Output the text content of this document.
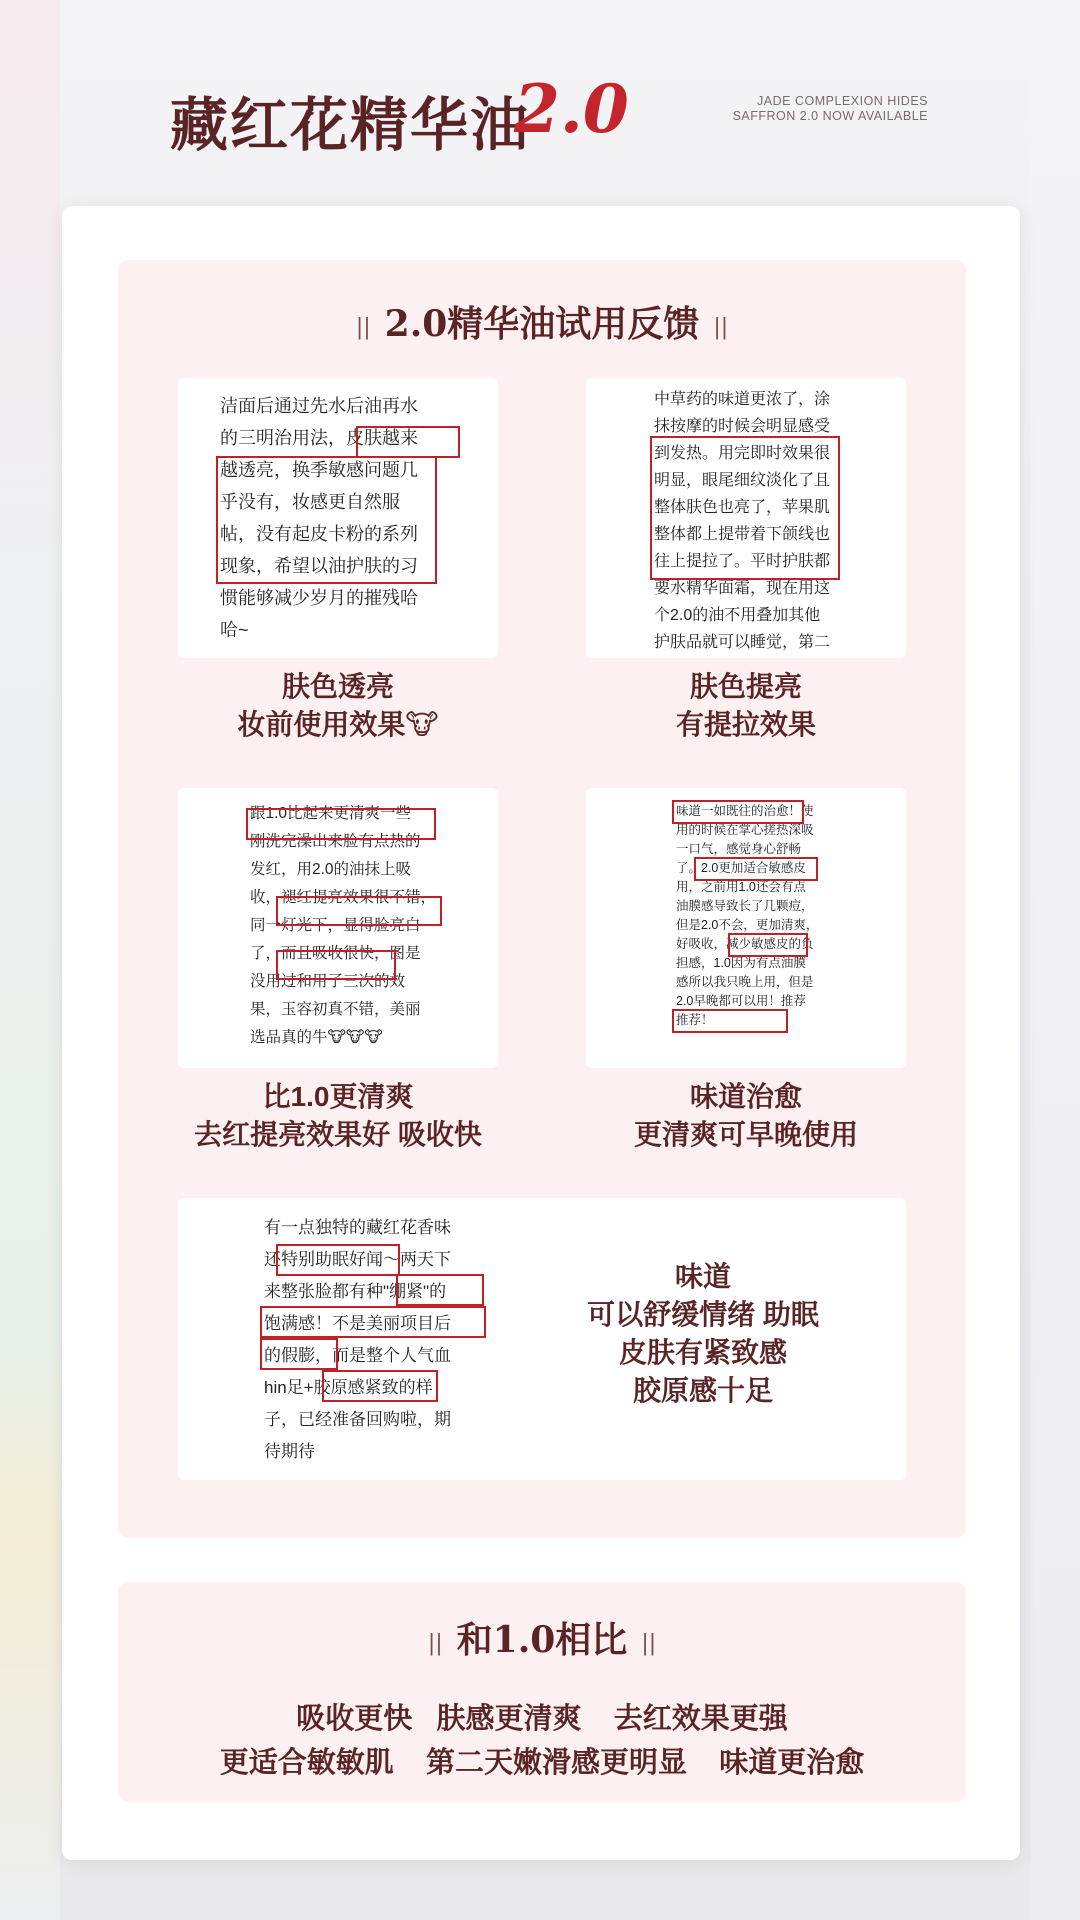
藏红花精华油
2.0	JADE COMPLEXION HIDES
SAFFRON 2.0 NOW AVAILABLE
|| 2.0精华油试用反馈 ||
洁面后通过先水后油再水
的三明治用法，皮肤越来
越透亮，换季敏感问题几
乎没有，妆感更自然服
帖，没有起皮卡粉的系列
现象，希望以油护肤的习
惯能够减少岁月的摧残哈
哈~
肤色透亮
妆前使用效果🐮
中草药的味道更浓了，涂
抹按摩的时候会明显感受
到发热。用完即时效果很
明显，眼尾细纹淡化了且
整体肤色也亮了，苹果肌
整体都上提带着下颌线也
往上提拉了。平时护肤都
要水精华面霜，现在用这
个2.0的油不用叠加其他
护肤品就可以睡觉，第二
肤色提亮
有提拉效果
跟1.0比起来更清爽一些
刚洗完澡出来脸有点热的
发红，用2.0的油抹上吸
收，褪红提亮效果很不错，
同一灯光下，显得脸亮白
了，而且吸收很快，图是
没用过和用了三次的效
果，玉容初真不错，美丽
选品真的牛🐮🐮🐮
比1.0更清爽
去红提亮效果好 吸收快
味道一如既往的治愈！使
用的时候在掌心搓热深吸
一口气，感觉身心舒畅
了。2.0更加适合敏感皮
用，之前用1.0还会有点
油膜感导致长了几颗痘，
但是2.0不会，更加清爽，
好吸收，减少敏感皮的负
担感，1.0因为有点油膜
感所以我只晚上用，但是
2.0早晚都可以用！推荐
推荐！
味道治愈
更清爽可早晚使用
有一点独特的藏红花香味
还特别助眠好闻～两天下
来整张脸都有种"绷紧"的
饱满感！不是美丽项目后
的假膨，而是整个人气血
hin足+胶原感紧致的样
子，已经准备回购啦，期
待期待
味道
可以舒缓情绪 助眠
皮肤有紧致感
胶原感十足
|| 和1.0相比 ||
吸收更快   肤感更清爽    去红效果更强
更适合敏敏肌    第二天嫩滑感更明显    味道更治愈
